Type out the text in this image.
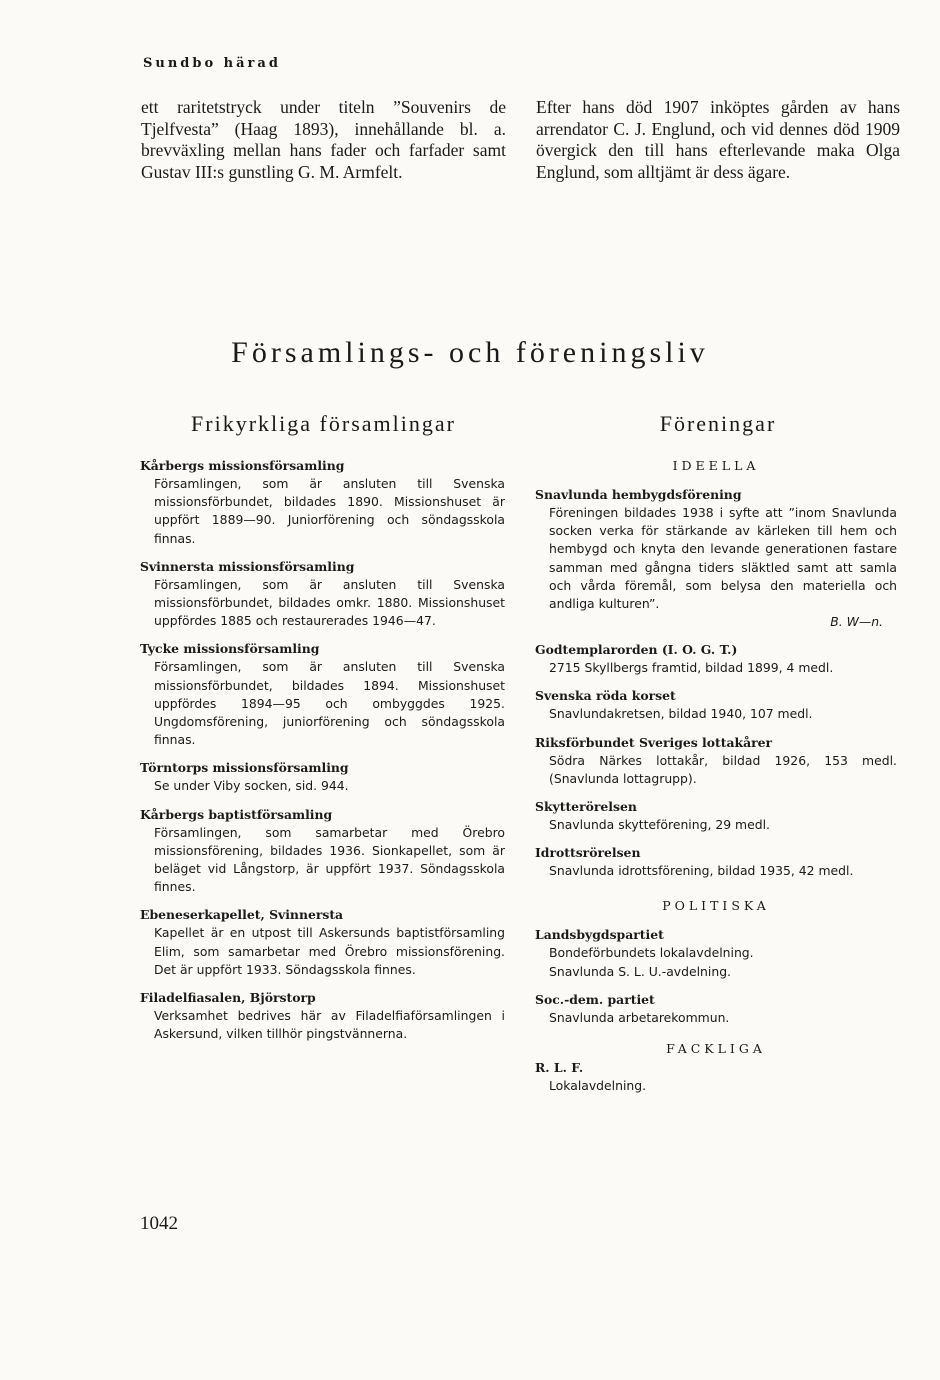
Sundbo härad
ett raritetstryck under titeln ”Souvenirs de Tjelfvesta” (Haag 1893), innehållande bl. a. brevväxling mellan hans fader och farfader samt Gustav III:s gunstling G. M. Armfelt.
Efter hans död 1907 inköptes gården av hans arrendator C. J. Englund, och vid dennes död 1909 övergick den till hans efterlevande maka Olga Englund, som alltjämt är dess ägare.
Församlings- och föreningsliv
Frikyrkliga församlingar	Föreningar
Kårbergs missionsförsamling
Församlingen, som är ansluten till Svenska missionsförbundet, bildades 1890. Missionshuset är uppfört 1889—90. Juniorförening och söndagsskola finnas.
Svinnersta missionsförsamling
Församlingen, som är ansluten till Svenska missionsförbundet, bildades omkr. 1880. Missionshuset uppfördes 1885 och restaurerades 1946—47.
Tycke missionsförsamling
Församlingen, som är ansluten till Svenska missionsförbundet, bildades 1894. Missionshuset uppfördes 1894—95 och ombyggdes 1925. Ungdomsförening, juniorförening och söndagsskola finnas.
Törntorps missionsförsamling
Se under Viby socken, sid. 944.
Kårbergs baptistförsamling
Församlingen, som samarbetar med Örebro missionsförening, bildades 1936. Sionkapellet, som är beläget vid Långstorp, är uppfört 1937. Söndagsskola finnes.
Ebeneserkapellet, Svinnersta
Kapellet är en utpost till Askersunds baptistförsamling Elim, som samarbetar med Örebro missionsförening. Det är uppfört 1933. Söndagsskola finnes.
Filadelfiasalen, Björstorp
Verksamhet bedrives här av Filadelfiaförsamlingen i Askersund, vilken tillhör pingstvännerna.
IDEELLA
Snavlunda hembygdsförening
Föreningen bildades 1938 i syfte att ”inom Snavlunda socken verka för stärkande av kärleken till hem och hembygd och knyta den levande generationen fastare samman med gångna tiders släktled samt att samla och vårda föremål, som belysa den materiella och andliga kulturen”.
B. W—n.
Godtemplarorden (I. O. G. T.)
2715 Skyllbergs framtid, bildad 1899, 4 medl.
Svenska röda korset
Snavlundakretsen, bildad 1940, 107 medl.
Riksförbundet Sveriges lottakårer
Södra Närkes lottakår, bildad 1926, 153 medl. (Snavlunda lottagrupp).
Skytterörelsen
Snavlunda skytteförening, 29 medl.
Idrottsrörelsen
Snavlunda idrottsförening, bildad 1935, 42 medl.
POLITISKA
Landsbygdspartiet
Bondeförbundets lokalavdelning.
Snavlunda S. L. U.-avdelning.
Soc.-dem. partiet
Snavlunda arbetarekommun.
FACKLIGA
R. L. F.
Lokalavdelning.
1042
